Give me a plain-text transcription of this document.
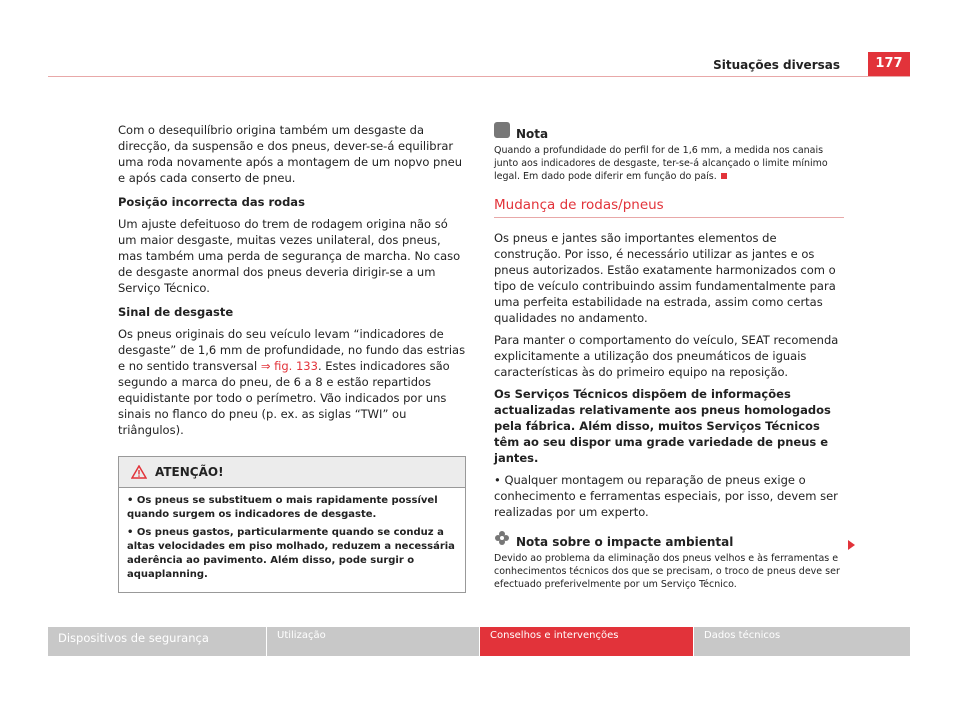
Situações diversas	177

Com o desequilíbrio origina também um desgaste da direcção, da suspensão e dos pneus, dever-se-á equilibrar uma roda novamente após a montagem de um nopvo pneu e após cada conserto de pneu.

Posição incorrecta das rodas

Um ajuste defeituoso do trem de rodagem origina não só um maior desgaste, muitas vezes unilateral, dos pneus, mas também uma perda de segurança de marcha. No caso de desgaste anormal dos pneus deveria dirigir-se a um Serviço Técnico.

Sinal de desgaste

Os pneus originais do seu veículo levam “indicadores de desgaste” de 1,6 mm de profundidade, no fundo das estrias e no sentido transversal ⇒ fig. 133. Estes indicadores são segundo a marca do pneu, de 6 a 8 e estão repartidos equidistante por todo o perímetro. Vão indicados por uns sinais no flanco do pneu (p. ex. as siglas “TWI” ou triângulos).

ATENÇÃO!

• Os pneus se substituem o mais rapidamente possível quando surgem os indicadores de desgaste.

• Os pneus gastos, particularmente quando se conduz a altas velocidades em piso molhado, reduzem a necessária aderência ao pavimento. Além disso, pode surgir o aquaplanning.

Nota

Quando a profundidade do perfil for de 1,6 mm, a medida nos canais junto aos indicadores de desgaste, ter-se-á alcançado o limite mínimo legal. Em dado pode diferir em função do país.

Mudança de rodas/pneus

Os pneus e jantes são importantes elementos de construção. Por isso, é necessário utilizar as jantes e os pneus autorizados. Estão exatamente harmonizados com o tipo de veículo contribuindo assim fundamentalmente para uma perfeita estabilidade na estrada, assim como certas qualidades no andamento.

Para manter o comportamento do veículo, SEAT recomenda explicitamente a utilização dos pneumáticos de iguais características às do primeiro equipo na reposição.

Os Serviços Técnicos dispõem de informações actualizadas relativamente aos pneus homologados pela fábrica. Além disso, muitos Serviços Técnicos têm ao seu dispor uma grade variedade de pneus e jantes.

• Qualquer montagem ou reparação de pneus exige o conhecimento e ferramentas especiais, por isso, devem ser realizadas por um experto.

Nota sobre o impacte ambiental

Devido ao problema da eliminação dos pneus velhos e às ferramentas e conhecimentos técnicos dos que se precisam, o troco de pneus deve ser efectuado preferivelmente por um Serviço Técnico.

Dispositivos de segurança	Utilização	Conselhos e intervenções	Dados técnicos
